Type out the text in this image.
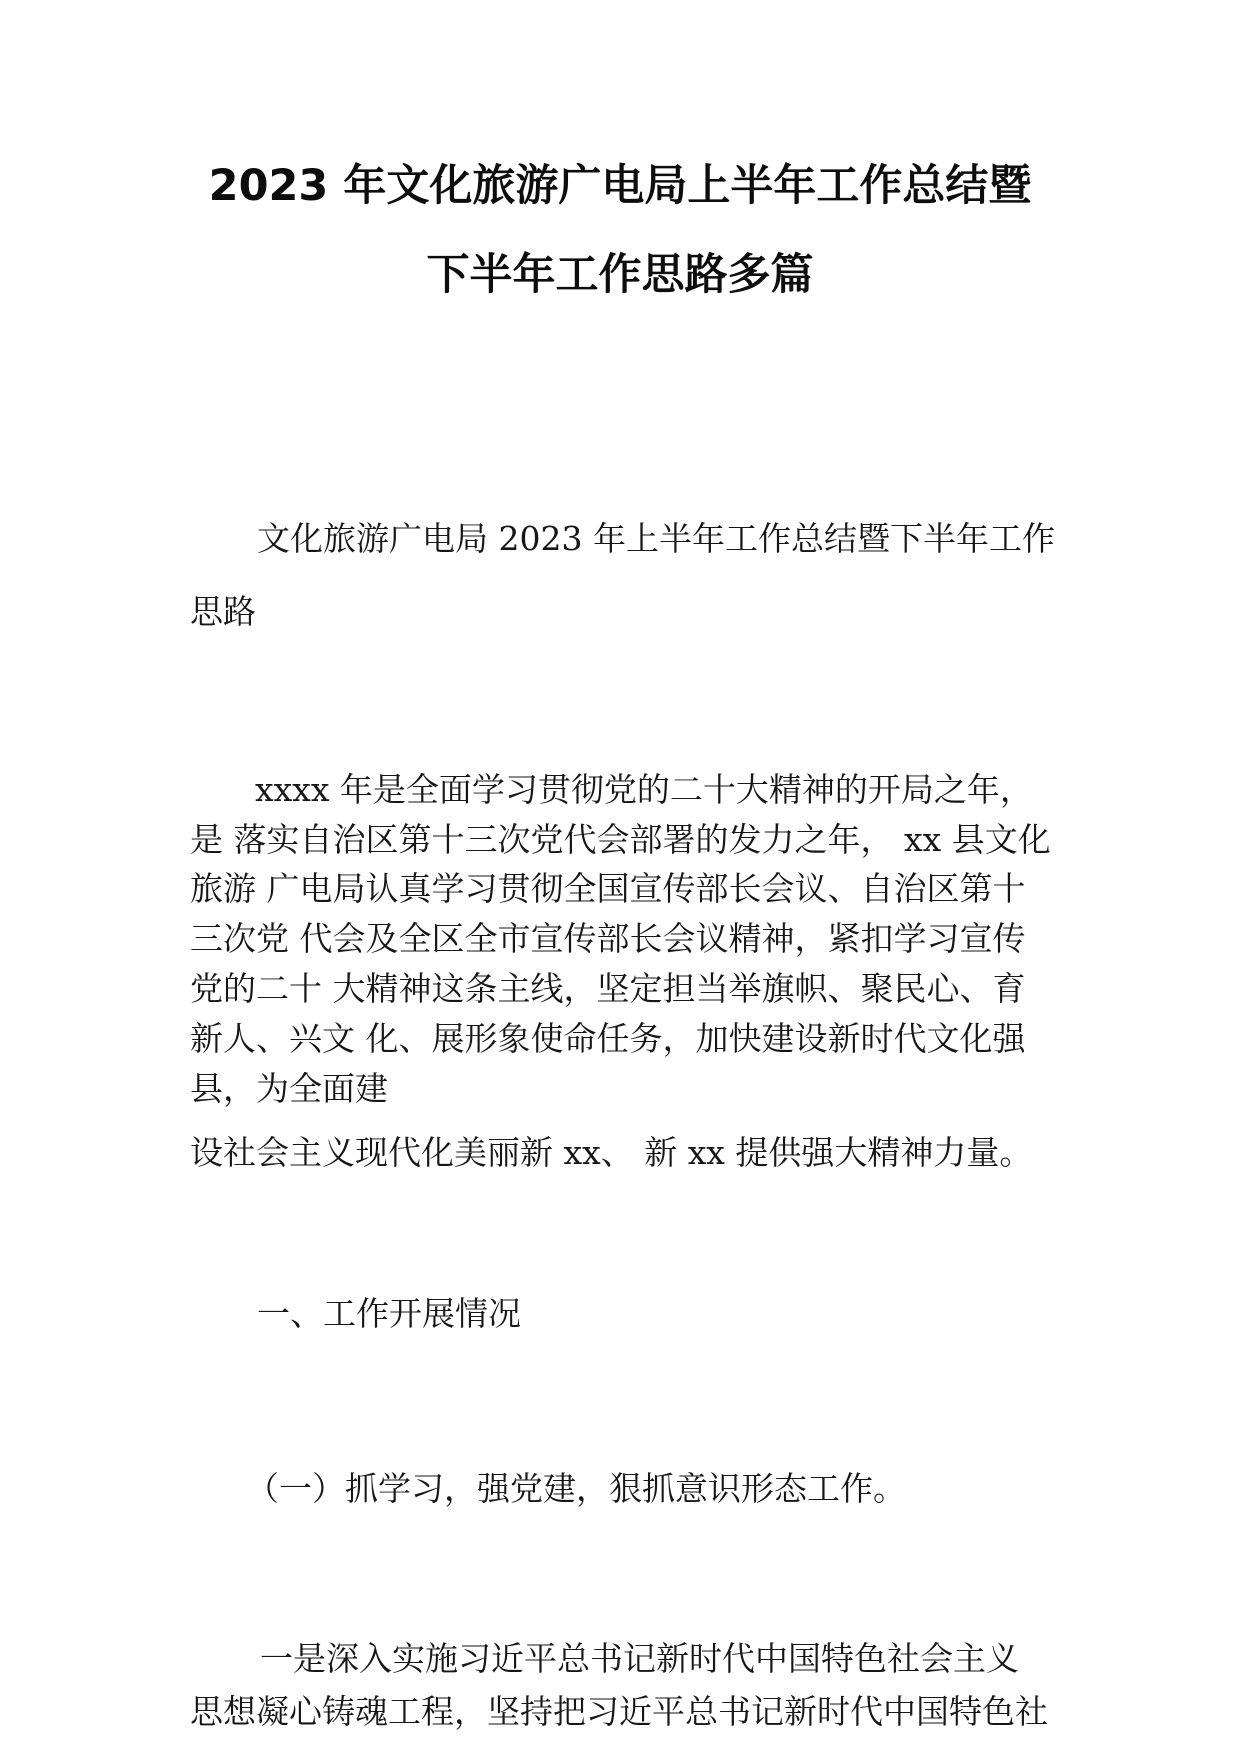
2023 年文化旅游广电局上半年工作总结暨
下半年工作思路多篇
文化旅游广电局 2023 年上半年工作总结暨下半年工作
思路
xxxx 年是全面学习贯彻党的二十大精神的开局之年，
是 落实自治区第十三次党代会部署的发力之年， xx 县文化
旅游 广电局认真学习贯彻全国宣传部长会议、自治区第十
三次党 代会及全区全市宣传部长会议精神，紧扣学习宣传
党的二十 大精神这条主线，坚定担当举旗帜、聚民心、育
新人、兴文 化、展形象使命任务，加快建设新时代文化强
县，为全面建
设社会主义现代化美丽新 xx、 新 xx 提供强大精神力量。
一、工作开展情况
（一）抓学习，强党建，狠抓意识形态工作。
一是深入实施习近平总书记新时代中国特色社会主义
思想凝心铸魂工程，坚持把习近平总书记新时代中国特色社
